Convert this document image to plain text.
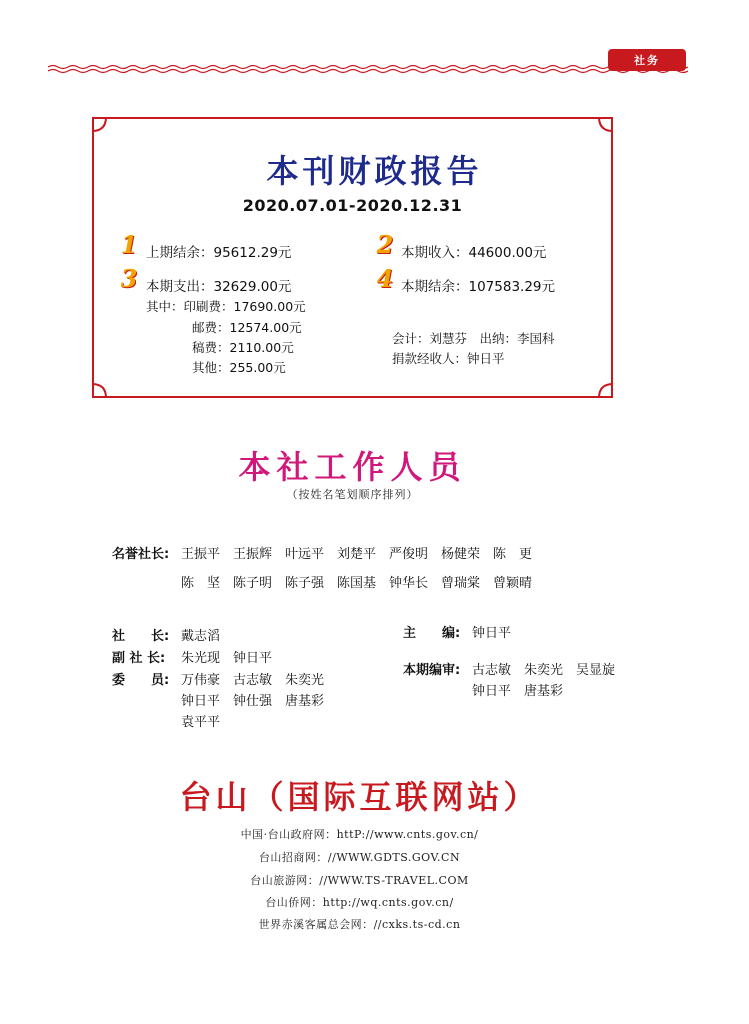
社务
本刊财政报告
2020.07.01-2020.12.31
1 上期结余：95612.29元	2 本期收入：44600.00元
3 本期支出：32629.00元	4 本期结余：107583.29元
其中：印刷费：17690.00元
邮费：12574.00元
稿费：2110.00元
其他：255.00元
会计：刘慧芬　出纳：李国科
捐款经收人：钟日平
本社工作人员
（按姓名笔划顺序排列）
名誉社长: 王振平　王振辉　叶远平　刘楚平　严俊明　杨健荣　陈　更
陈　坚　陈子明　陈子强　陈国基　钟华长　曾瑞棠　曾颖晴
社　　长: 戴志滔
副 社 长: 朱光现　钟日平
委　　员: 万伟豪　古志敏　朱奕光
钟日平　钟仕强　唐基彩
袁平平
主　　编: 钟日平
本期编审: 古志敏　朱奕光　吴显旋
钟日平　唐基彩
台山（国际互联网站）
中国·台山政府网：httP://www.cnts.gov.cn/
台山招商网：//WWW.GDTS.GOV.CN
台山旅游网：//WWW.TS-TRAVEL.COM
台山侨网：http://wq.cnts.gov.cn/
世界赤溪客属总会网：//cxks.ts-cd.cn
